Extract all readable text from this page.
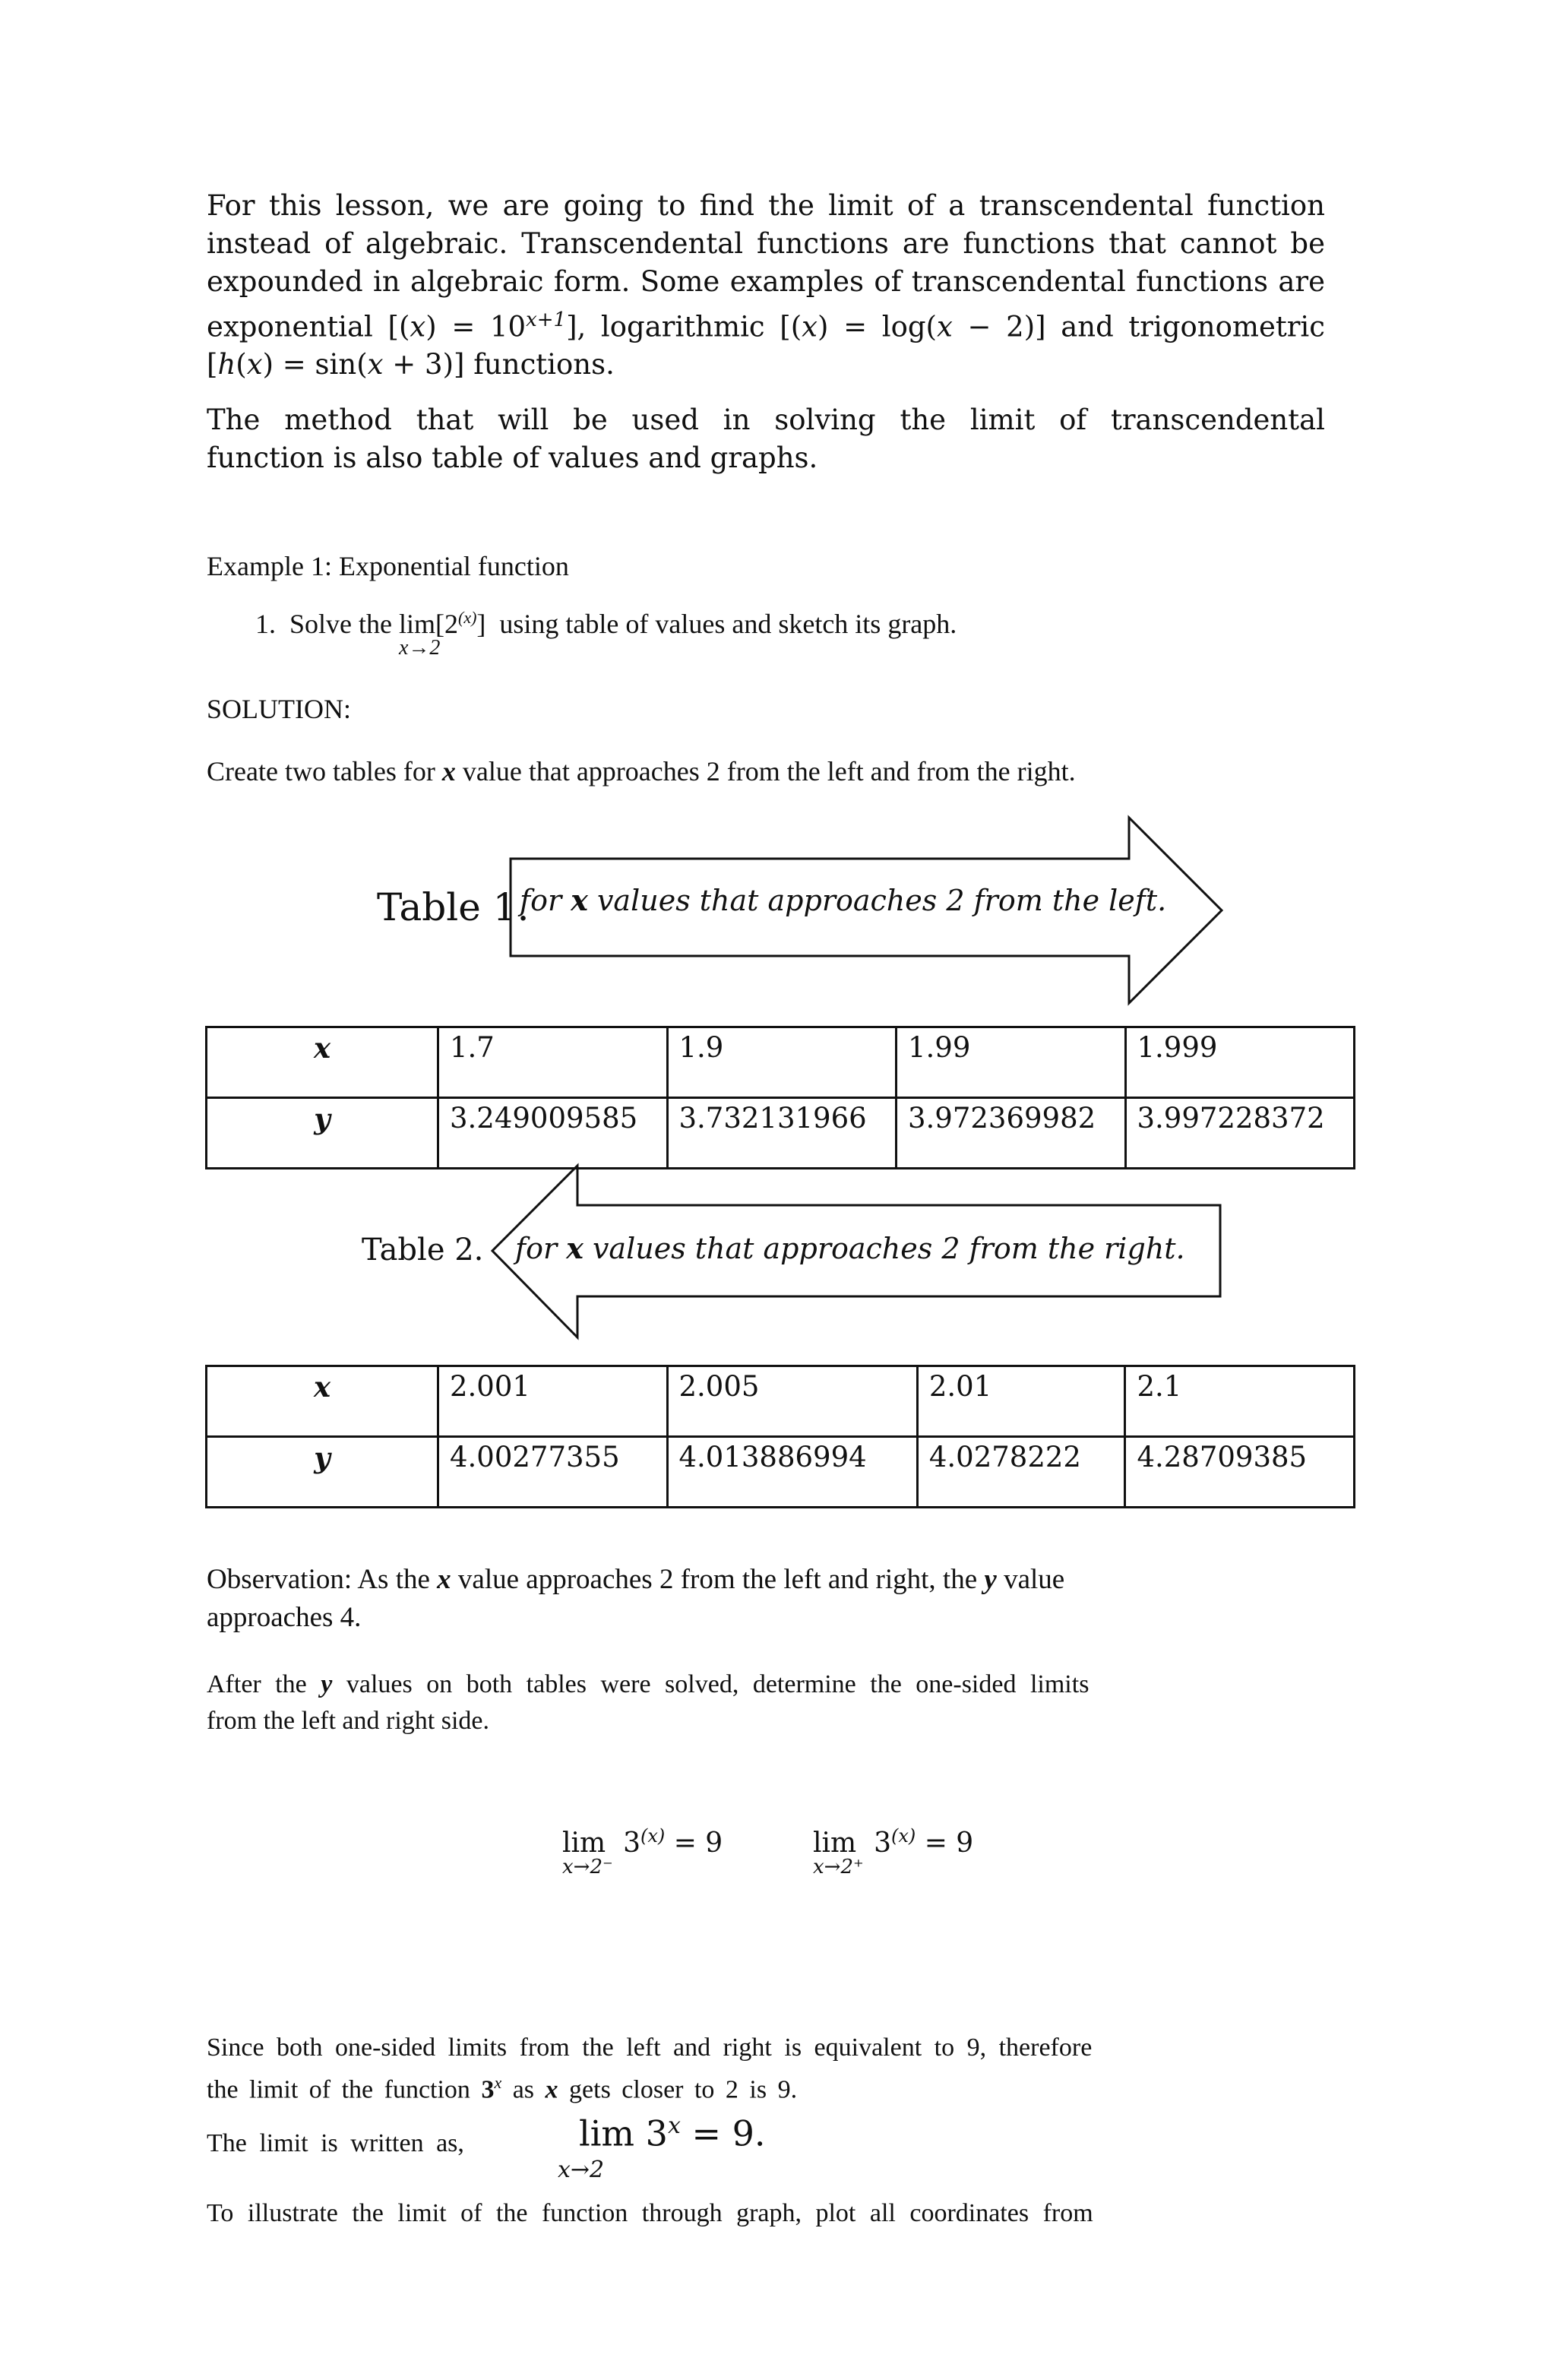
For this lesson, we are going to find the limit of a transcendental function
instead of algebraic. Transcendental functions are functions that cannot be
expounded in algebraic form. Some examples of transcendental functions are
exponential $[(x) = 10^{x+1}]$, logarithmic [(x) = log(x − 2)] and trigonometric
[h(x) = sin(x + 3)] functions.
The method that will be used in solving the limit of transcendental
function is also table of values and graphs.
Example 1: Exponential function
1. Solve the lim
x→2
[2$^{(x)}$] using table of values and sketch its graph.
SOLUTION:
Create two tables for x value that approaches 2 from the left and from the right.
Table 1.
for x values that approaches 2 from the left.
x	1.7	1.9	1.99	1.999
y	3.249009585	3.732131966	3.972369982	3.997228372
Table 2. for x values that approaches 2 from the right.
x	2.001	2.005	2.01	2.1
y	4.00277355	4.013886994	4.0278222	4.28709385
Observation: As the x value approaches 2 from the left and right, the y value
approaches 4.
After the y values on both tables were solved, determine the one-sided limits
from the left and right side.
lim
x→2⁻
$3^{(x)} = 9$	lim
x→2⁺
$3^{(x)} = 9$
Since both one-sided limits from the left and right is equivalent to 9, therefore
the limit of the function 3$^x$ as x gets closer to 2 is 9.
The limit is written as,	$\lim 3^x = 9$.
x→2
To illustrate the limit of the function through graph, plot all coordinates from
